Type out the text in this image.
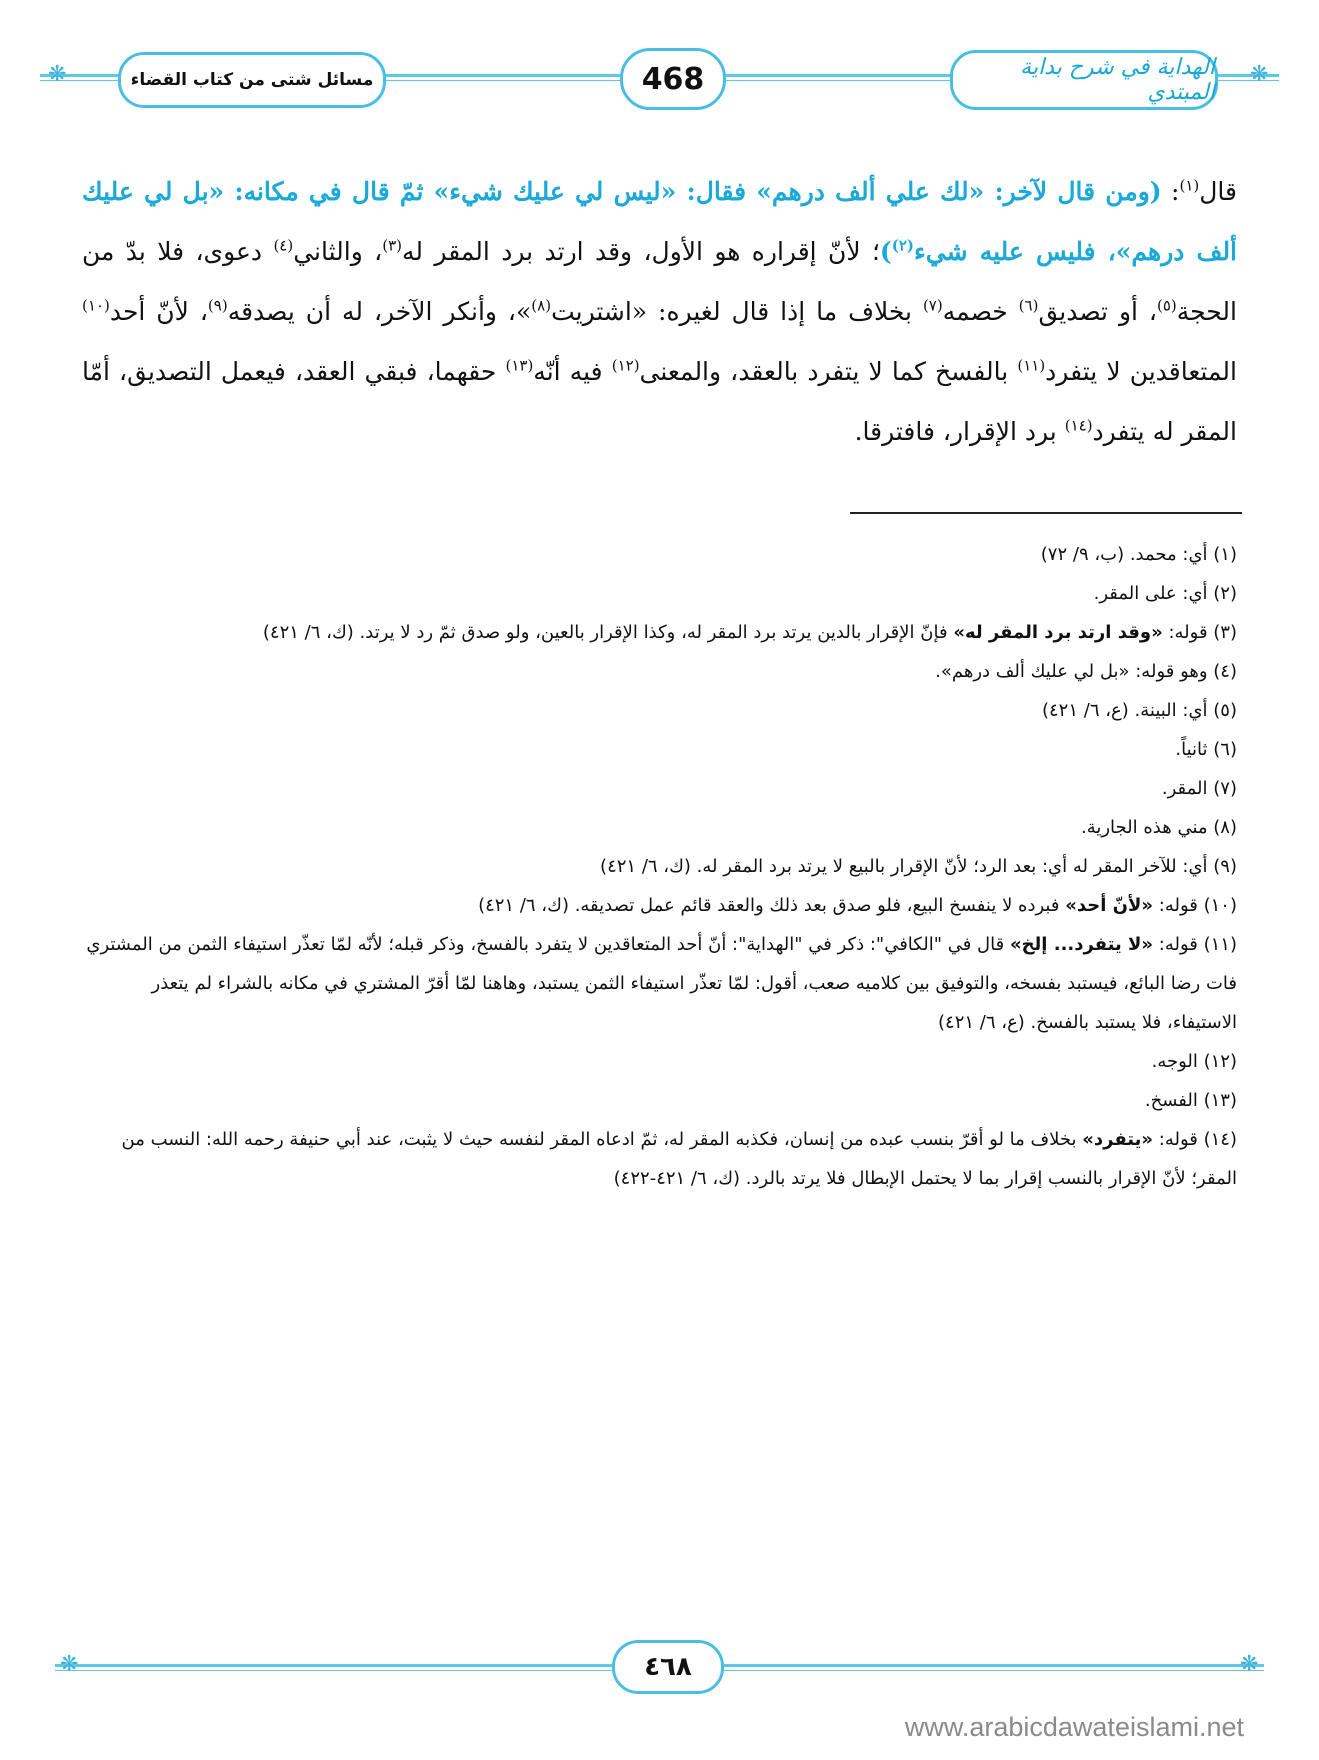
❋	❋
مسائل شتى من كتاب القضاء	468	الهداية في شرح بداية المبتدي
قال$^{(١)}$: (ومن قال لآخر: «لك علي ألف درهم» فقال: «ليس لي عليك شيء» ثمّ قال في مكانه: «بل لي عليك ألف درهم»، فليس عليه شيء$^{(٢)}$)؛ لأنّ إقراره هو الأول، وقد ارتد برد المقر له$^{(٣)}$، والثاني$^{(٤)}$ دعوى، فلا بدّ من الحجة$^{(٥)}$، أو تصديق$^{(٦)}$ خصمه$^{(٧)}$ بخلاف ما إذا قال لغيره: «اشتريت$^{(٨)}$»، وأنكر الآخر، له أن يصدقه$^{(٩)}$، لأنّ أحد$^{(١٠)}$ المتعاقدين لا يتفرد$^{(١١)}$ بالفسخ كما لا يتفرد بالعقد، والمعنى$^{(١٢)}$ فيه أنّه$^{(١٣)}$ حقهما، فبقي العقد، فيعمل التصديق، أمّا المقر له يتفرد$^{(١٤)}$ برد الإقرار، فافترقا.

(١) أي: محمد. (ب، ٩/ ٧٢)

(٢) أي: على المقر.

(٣) قوله: «وقد ارتد برد المقر له» فإنّ الإقرار بالدين يرتد برد المقر له، وكذا الإقرار بالعين، ولو صدق ثمّ رد لا يرتد. (ك، ٦/ ٤٢١)

(٤) وهو قوله: «بل لي عليك ألف درهم».

(٥) أي: البينة. (ع، ٦/ ٤٢١)

(٦) ثانياً.

(٧) المقر.

(٨) مني هذه الجارية.

(٩) أي: للآخر المقر له أي: بعد الرد؛ لأنّ الإقرار بالبيع لا يرتد برد المقر له. (ك، ٦/ ٤٢١)

(١٠) قوله: «لأنّ أحد» فبرده لا ينفسخ البيع، فلو صدق بعد ذلك والعقد قائم عمل تصديقه. (ك، ٦/ ٤٢١)

(١١) قوله: «لا يتفرد... إلخ» قال في "الكافي": ذكر في "الهداية": أنّ أحد المتعاقدين لا يتفرد بالفسخ، وذكر قبله؛ لأنّه لمّا تعذّر استيفاء الثمن من المشتري فات رضا البائع، فيستبد بفسخه، والتوفيق بين كلاميه صعب، أقول: لمّا تعذّر استيفاء الثمن يستبد، وهاهنا لمّا أقرّ المشتري في مكانه بالشراء لم يتعذر الاستيفاء، فلا يستبد بالفسخ. (ع، ٦/ ٤٢١)

(١٢) الوجه.

(١٣) الفسخ.

(١٤) قوله: «يتفرد» بخلاف ما لو أقرّ بنسب عبده من إنسان، فكذبه المقر له، ثمّ ادعاه المقر لنفسه حيث لا يثبت، عند أبي حنيفة رحمه الله: النسب من المقر؛ لأنّ الإقرار بالنسب إقرار بما لا يحتمل الإبطال فلا يرتد بالرد. (ك، ٦/ ٤٢١-٤٢٢)

❋	❋
٤٦٨
www.arabicdawateislami.net
